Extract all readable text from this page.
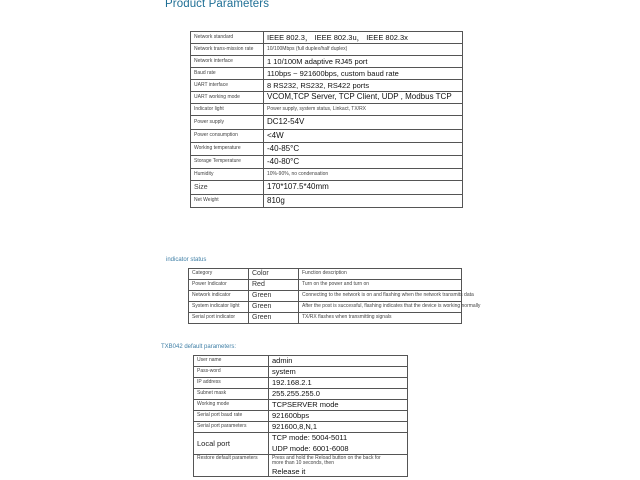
Product Parameters
Network standard	IEEE 802.3， IEEE 802.3u， IEEE 802.3x
Network trans-mission rate	10/100Mbps (full duplex/half duplex)
Network interface	1 10/100M adaptive RJ45 port
Baud rate	110bps ~ 921600bps, custom baud rate
UART interface	8 RS232, RS232, RS422 ports
UART working mode	VCOM,TCP Server, TCP Client, UDP , Modbus TCP
Indicator light	Power supply, system status, Linkact, TX/RX
Power supply	DC12-54V
Power consumption	<4W
Working temperature	-40-85°C
Storage Temperature	-40-80°C
Humidity	10%-90%, no condensation
Size	170*107.5*40mm
Net Weight	810g
indicator status
Category	Color	Function description
Power Indicator	Red	Turn on the power and turn on
Network indicator	Green	Connecting to the network is on and flashing when the network transmits data
System indicator light	Green	After the post is successful, flashing indicates that the device is working normally
Serial port indicator	Green	TX/RX flashes when transmitting signals
TXB042 default parameters:
User name	admin
Pass-word	system
IP address	192.168.2.1
Subnet mask	255.255.255.0
Working mode	TCPSERVER mode
Serial port baud rate	921600bps
Serial port parameters	921600,8,N,1
Local port	TCP mode: 5004-5011
UDP mode: 6001-6008

Restore default parameters	Press and hold the Reload button on the back for more than 10 seconds, then
Release it
